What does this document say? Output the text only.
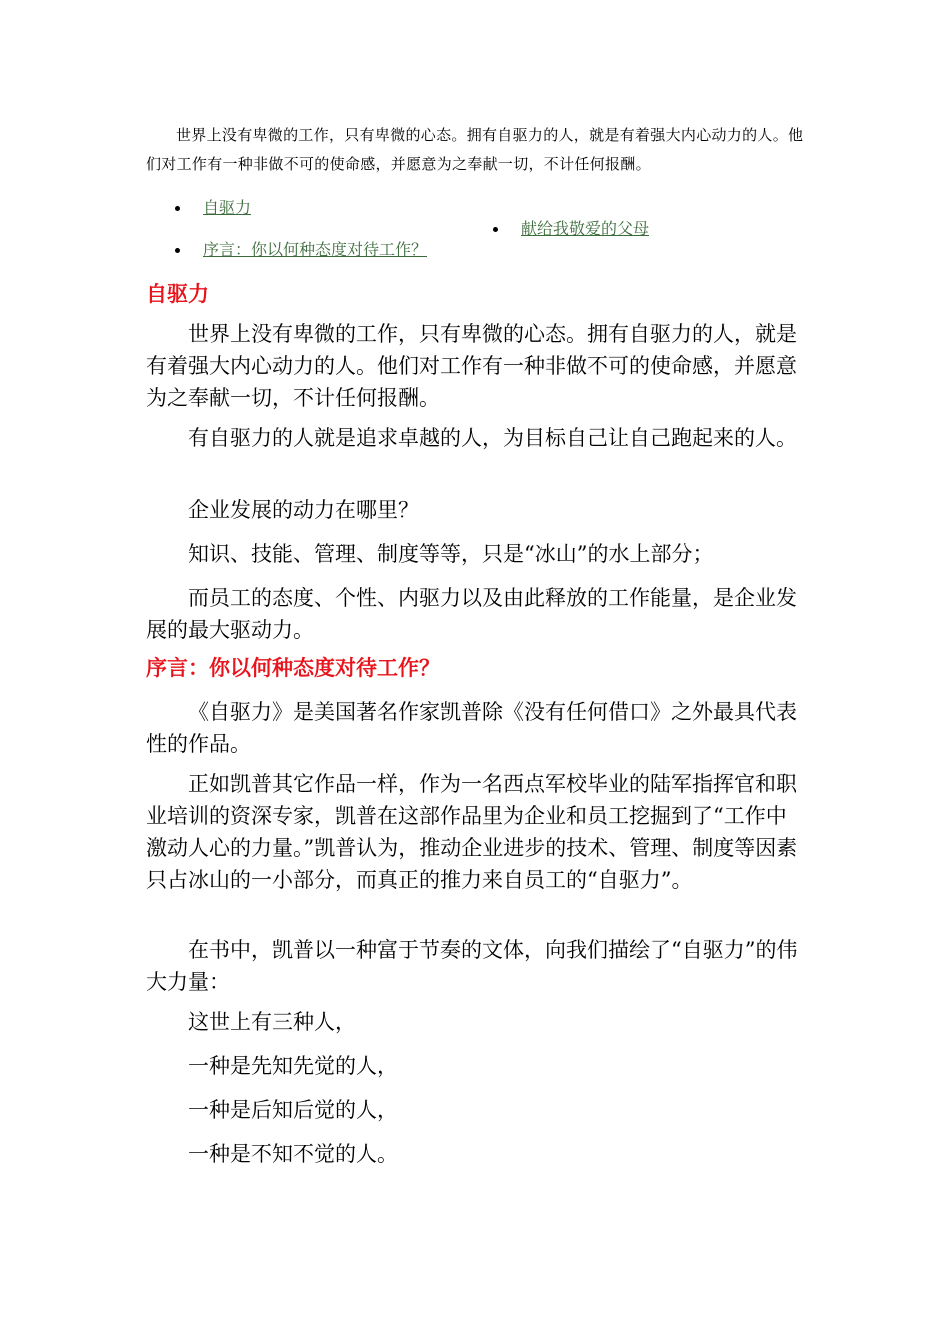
世界上没有卑微的工作，只有卑微的心态。拥有自驱力的人，就是有着强大内心动力的人。他们对工作有一种非做不可的使命感，并愿意为之奉献一切，不计任何报酬。

自驱力
序言：你以何种态度对待工作？
献给我敬爱的父母
自驱力

世界上没有卑微的工作，只有卑微的心态。拥有自驱力的人，就是有着强大内心动力的人。他们对工作有一种非做不可的使命感，并愿意为之奉献一切，不计任何报酬。

有自驱力的人就是追求卓越的人，为目标自己让自己跑起来的人。

企业发展的动力在哪里？

知识、技能、管理、制度等等，只是“冰山”的水上部分；

而员工的态度、个性、内驱力以及由此释放的工作能量，是企业发展的最大驱动力。

序言：你以何种态度对待工作？

《自驱力》是美国著名作家凯普除《没有任何借口》之外最具代表性的作品。

正如凯普其它作品一样，作为一名西点军校毕业的陆军指挥官和职业培训的资深专家，凯普在这部作品里为企业和员工挖掘到了“工作中激动人心的力量。”凯普认为，推动企业进步的技术、管理、制度等因素只占冰山的一小部分，而真正的推力来自员工的“自驱力”。

在书中，凯普以一种富于节奏的文体，向我们描绘了“自驱力”的伟大力量：

这世上有三种人，

一种是先知先觉的人，

一种是后知后觉的人，

一种是不知不觉的人。
